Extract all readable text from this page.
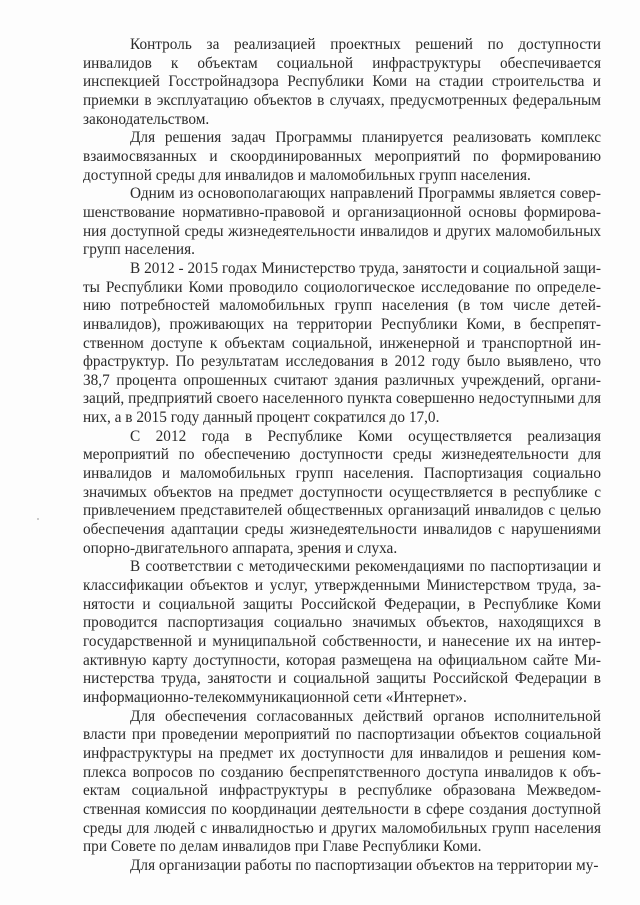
Контроль за реализацией проектных решений по доступности инвалидов к объектам социальной инфраструктуры обеспечивается инспекцией Госстройнадзора Республики Коми на стадии строительства и приемки в эксплуатацию объектов в случаях, предусмотренных федеральным законодательством.

Для решения задач Программы планируется реализовать комплекс взаимосвязанных и скоординированных мероприятий по формированию доступной среды для инвалидов и маломобильных групп населения.

Одним из основополагающих направлений Программы является совершенствование нормативно-правовой и организационной основы формирования доступной среды жизнедеятельности инвалидов и других маломобильных групп населения.

В 2012 - 2015 годах Министерство труда, занятости и социальной защиты Республики Коми проводило социологическое исследование по определению потребностей маломобильных групп населения (в том числе детей-инвалидов), проживающих на территории Республики Коми, в беспрепятственном доступе к объектам социальной, инженерной и транспортной инфраструктур. По результатам исследования в 2012 году было выявлено, что 38,7 процента опрошенных считают здания различных учреждений, организаций, предприятий своего населенного пункта совершенно недоступными для них, а в 2015 году данный процент сократился до 17,0.

С 2012 года в Республике Коми осуществляется реализация мероприятий по обеспечению доступности среды жизнедеятельности для инвалидов и маломобильных групп населения. Паспортизация социально значимых объектов на предмет доступности осуществляется в республике с привлечением представителей общественных организаций инвалидов с целью обеспечения адаптации среды жизнедеятельности инвалидов с нарушениями опорно-двигательного аппарата, зрения и слуха.

В соответствии с методическими рекомендациями по паспортизации и классификации объектов и услуг, утвержденными Министерством труда, занятости и социальной защиты Российской Федерации, в Республике Коми проводится паспортизация социально значимых объектов, находящихся в государственной и муниципальной собственности, и нанесение их на интерактивную карту доступности, которая размещена на официальном сайте Министерства труда, занятости и социальной защиты Российской Федерации в информационно-телекоммуникационной сети «Интернет».

Для обеспечения согласованных действий органов исполнительной власти при проведении мероприятий по паспортизации объектов социальной инфраструктуры на предмет их доступности для инвалидов и решения комплекса вопросов по созданию беспрепятственного доступа инвалидов к объектам социальной инфраструктуры в республике образована Межведомственная комиссия по координации деятельности в сфере создания доступной среды для людей с инвалидностью и других маломобильных групп населения при Совете по делам инвалидов при Главе Республики Коми.

Для организации работы по паспортизации объектов на территории му-
